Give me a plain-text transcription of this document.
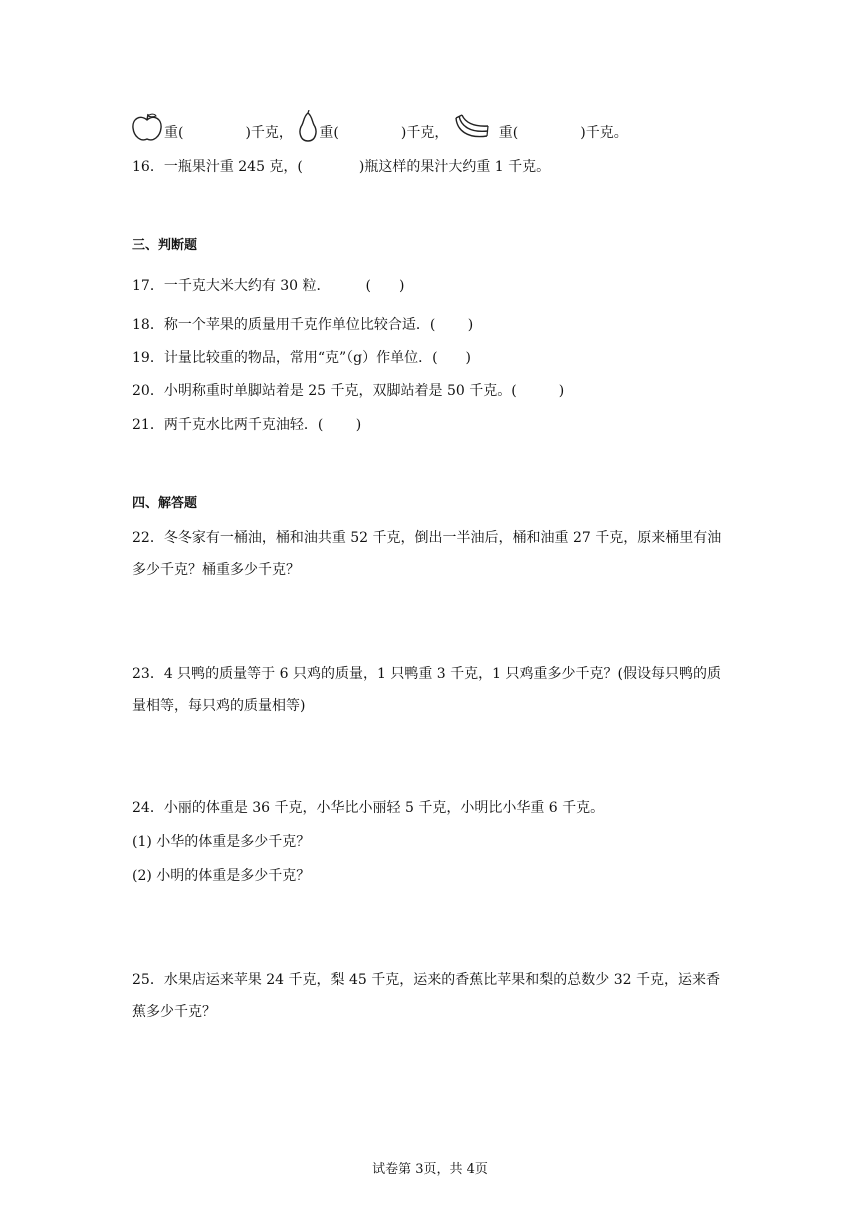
重(	)千克， 重(	)千克，	重(	)千克。
16．一瓶果汁重 245 克，(　　　　)瓶这样的果汁大约重 1 千克。
三、判断题
17．一千克大米大约有 30 粒．　　　(　　)
18．称一个苹果的质量用千克作单位比较合适．(　　 )
19．计量比较重的物品，常用“克”（g）作单位．(　　)
20．小明称重时单脚站着是 25 千克，双脚站着是 50 千克。(　　　)
21．两千克水比两千克油轻．(　　 )
四、解答题
22．冬冬家有一桶油，桶和油共重 52 千克，倒出一半油后，桶和油重 27 千克，原来桶里有油多少千克？桶重多少千克？
23．4 只鸭的质量等于 6 只鸡的质量，1 只鸭重 3 千克，1 只鸡重多少千克？(假设每只鸭的质量相等，每只鸡的质量相等)
24．小丽的体重是 36 千克，小华比小丽轻 5 千克，小明比小华重 6 千克。
(1) 小华的体重是多少千克？
(2) 小明的体重是多少千克？
25．水果店运来苹果 24 千克，梨 45 千克，运来的香蕉比苹果和梨的总数少 32 千克，运来香蕉多少千克？
试卷第 3页，共 4页
